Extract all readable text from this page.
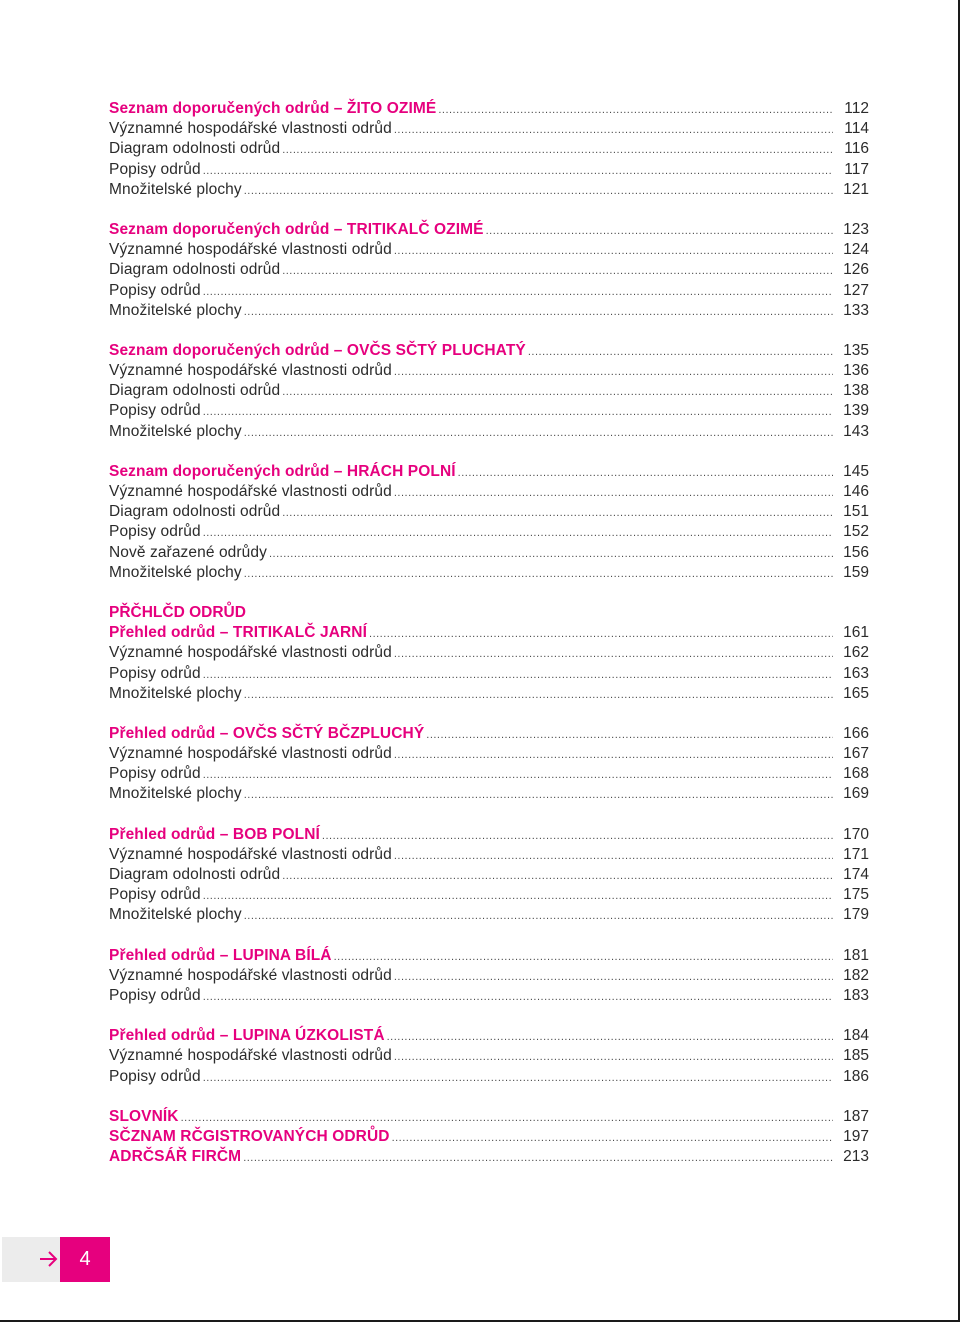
Seznam doporučených odrůd – ŽITO OZIMÉ .....	112
Významné hospodářské vlastnosti odrůd .....	114
Diagram odolnosti odrůd .....	116
Popisy odrůd .....	117
Množitelské plochy .....	121
Seznam doporučených odrůd – TRITIKALČ OZIMÉ .....	123
Významné hospodářské vlastnosti odrůd .....	124
Diagram odolnosti odrůd .....	126
Popisy odrůd .....	127
Množitelské plochy .....	133
Seznam doporučených odrůd – OVČS SČTÝ PLUCHATÝ .....	135
Významné hospodářské vlastnosti odrůd .....	136
Diagram odolnosti odrůd .....	138
Popisy odrůd .....	139
Množitelské plochy .....	143
Seznam doporučených odrůd – HRÁCH POLNÍ .....	145
Významné hospodářské vlastnosti odrůd .....	146
Diagram odolnosti odrůd .....	151
Popisy odrůd .....	152
Nově zařazené odrůdy .....	156
Množitelské plochy .....	159
PŘČHLČD ODRŮD
Přehled odrůd – TRITIKALČ JARNÍ .....	161
Významné hospodářské vlastnosti odrůd .....	162
Popisy odrůd .....	163
Množitelské plochy .....	165
Přehled odrůd – OVČS SČTÝ BČZPLUCHÝ .....	166
Významné hospodářské vlastnosti odrůd .....	167
Popisy odrůd .....	168
Množitelské plochy .....	169
Přehled odrůd – BOB POLNÍ .....	170
Významné hospodářské vlastnosti odrůd .....	171
Diagram odolnosti odrůd .....	174
Popisy odrůd .....	175
Množitelské plochy .....	179
Přehled odrůd – LUPINA BÍLÁ .....	181
Významné hospodářské vlastnosti odrůd .....	182
Popisy odrůd .....	183
Přehled odrůd – LUPINA ÚZKOLISTÁ .....	184
Významné hospodářské vlastnosti odrůd .....	185
Popisy odrůd .....	186
SLOVNÍK .....	187
SČZNAM RČGISTROVANÝCH ODRŮD .....	197
ADRČSÁŘ FIRČM .....	213
4
